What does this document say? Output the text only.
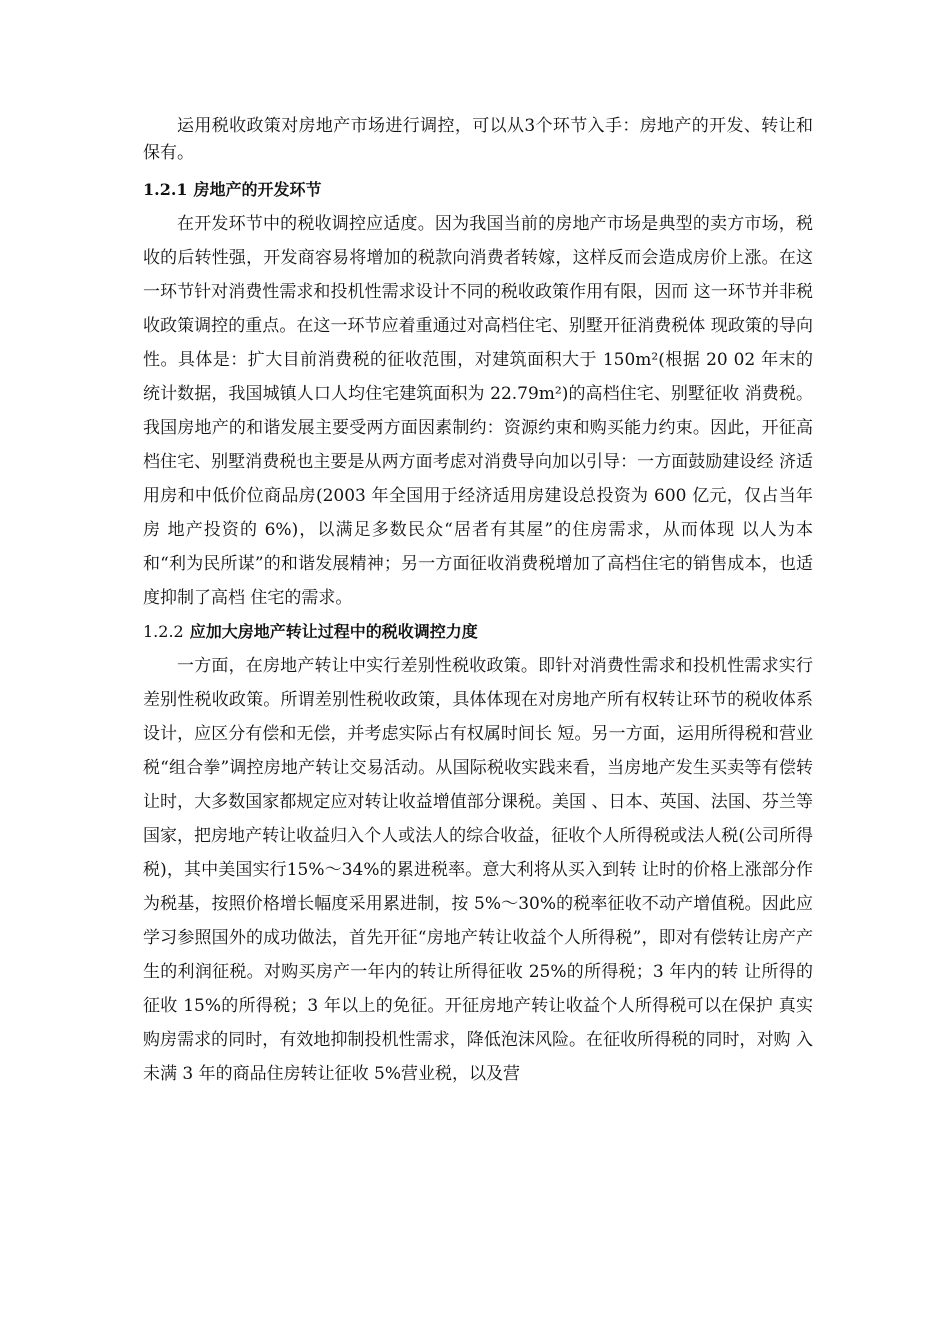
运用税收政策对房地产市场进行调控，可以从3个环节入手：房地产的开发、转让和保有。

1.2.1 房地产的开发环节

在开发环节中的税收调控应适度。因为我国当前的房地产市场是典型的卖方市场，税收的后转性强，开发商容易将增加的税款向消费者转嫁，这样反而会造成房价上涨。在这一环节针对消费性需求和投机性需求设计不同的税收政策作用有限，因而 这一环节并非税收政策调控的重点。在这一环节应着重通过对高档住宅、别墅开征消费税体 现政策的导向性。具体是：扩大目前消费税的征收范围，对建筑面积大于 150m²(根据 20 02 年末的统计数据，我国城镇人口人均住宅建筑面积为 22.79m²)的高档住宅、别墅征收 消费税。我国房地产的和谐发展主要受两方面因素制约：资源约束和购买能力约束。因此，开征高档住宅、别墅消费税也主要是从两方面考虑对消费导向加以引导：一方面鼓励建设经 济适用房和中低价位商品房(2003 年全国用于经济适用房建设总投资为 600 亿元，仅占当年房 地产投资的 6%)，以满足多数民众“居者有其屋”的住房需求，从而体现 以人为本和“利为民所谋”的和谐发展精神；另一方面征收消费税增加了高档住宅的销售成本，也适度抑制了高档 住宅的需求。

1.2.2 应加大房地产转让过程中的税收调控力度

一方面，在房地产转让中实行差别性税收政策。即针对消费性需求和投机性需求实行差别性税收政策。所谓差别性税收政策，具体体现在对房地产所有权转让环节的税收体系设计，应区分有偿和无偿，并考虑实际占有权属时间长 短。另一方面，运用所得税和营业税“组合拳”调控房地产转让交易活动。从国际税收实践来看，当房地产发生买卖等有偿转让时，大多数国家都规定应对转让收益增值部分课税。美国 、日本、英国、法国、芬兰等国家，把房地产转让收益归入个人或法人的综合收益，征收个人所得税或法人税(公司所得税)，其中美国实行15%～34%的累进税率。意大利将从买入到转 让时的价格上涨部分作为税基，按照价格增长幅度采用累进制，按 5%～30%的税率征收不动产增值税。因此应学习参照国外的成功做法，首先开征“房地产转让收益个人所得税”，即对有偿转让房产产生的利润征税。对购买房产一年内的转让所得征收 25%的所得税；3 年内的转 让所得的征收 15%的所得税；3 年以上的免征。开征房地产转让收益个人所得税可以在保护 真实购房需求的同时，有效地抑制投机性需求，降低泡沫风险。在征收所得税的同时，对购 入未满 3 年的商品住房转让征收 5%营业税，以及营
